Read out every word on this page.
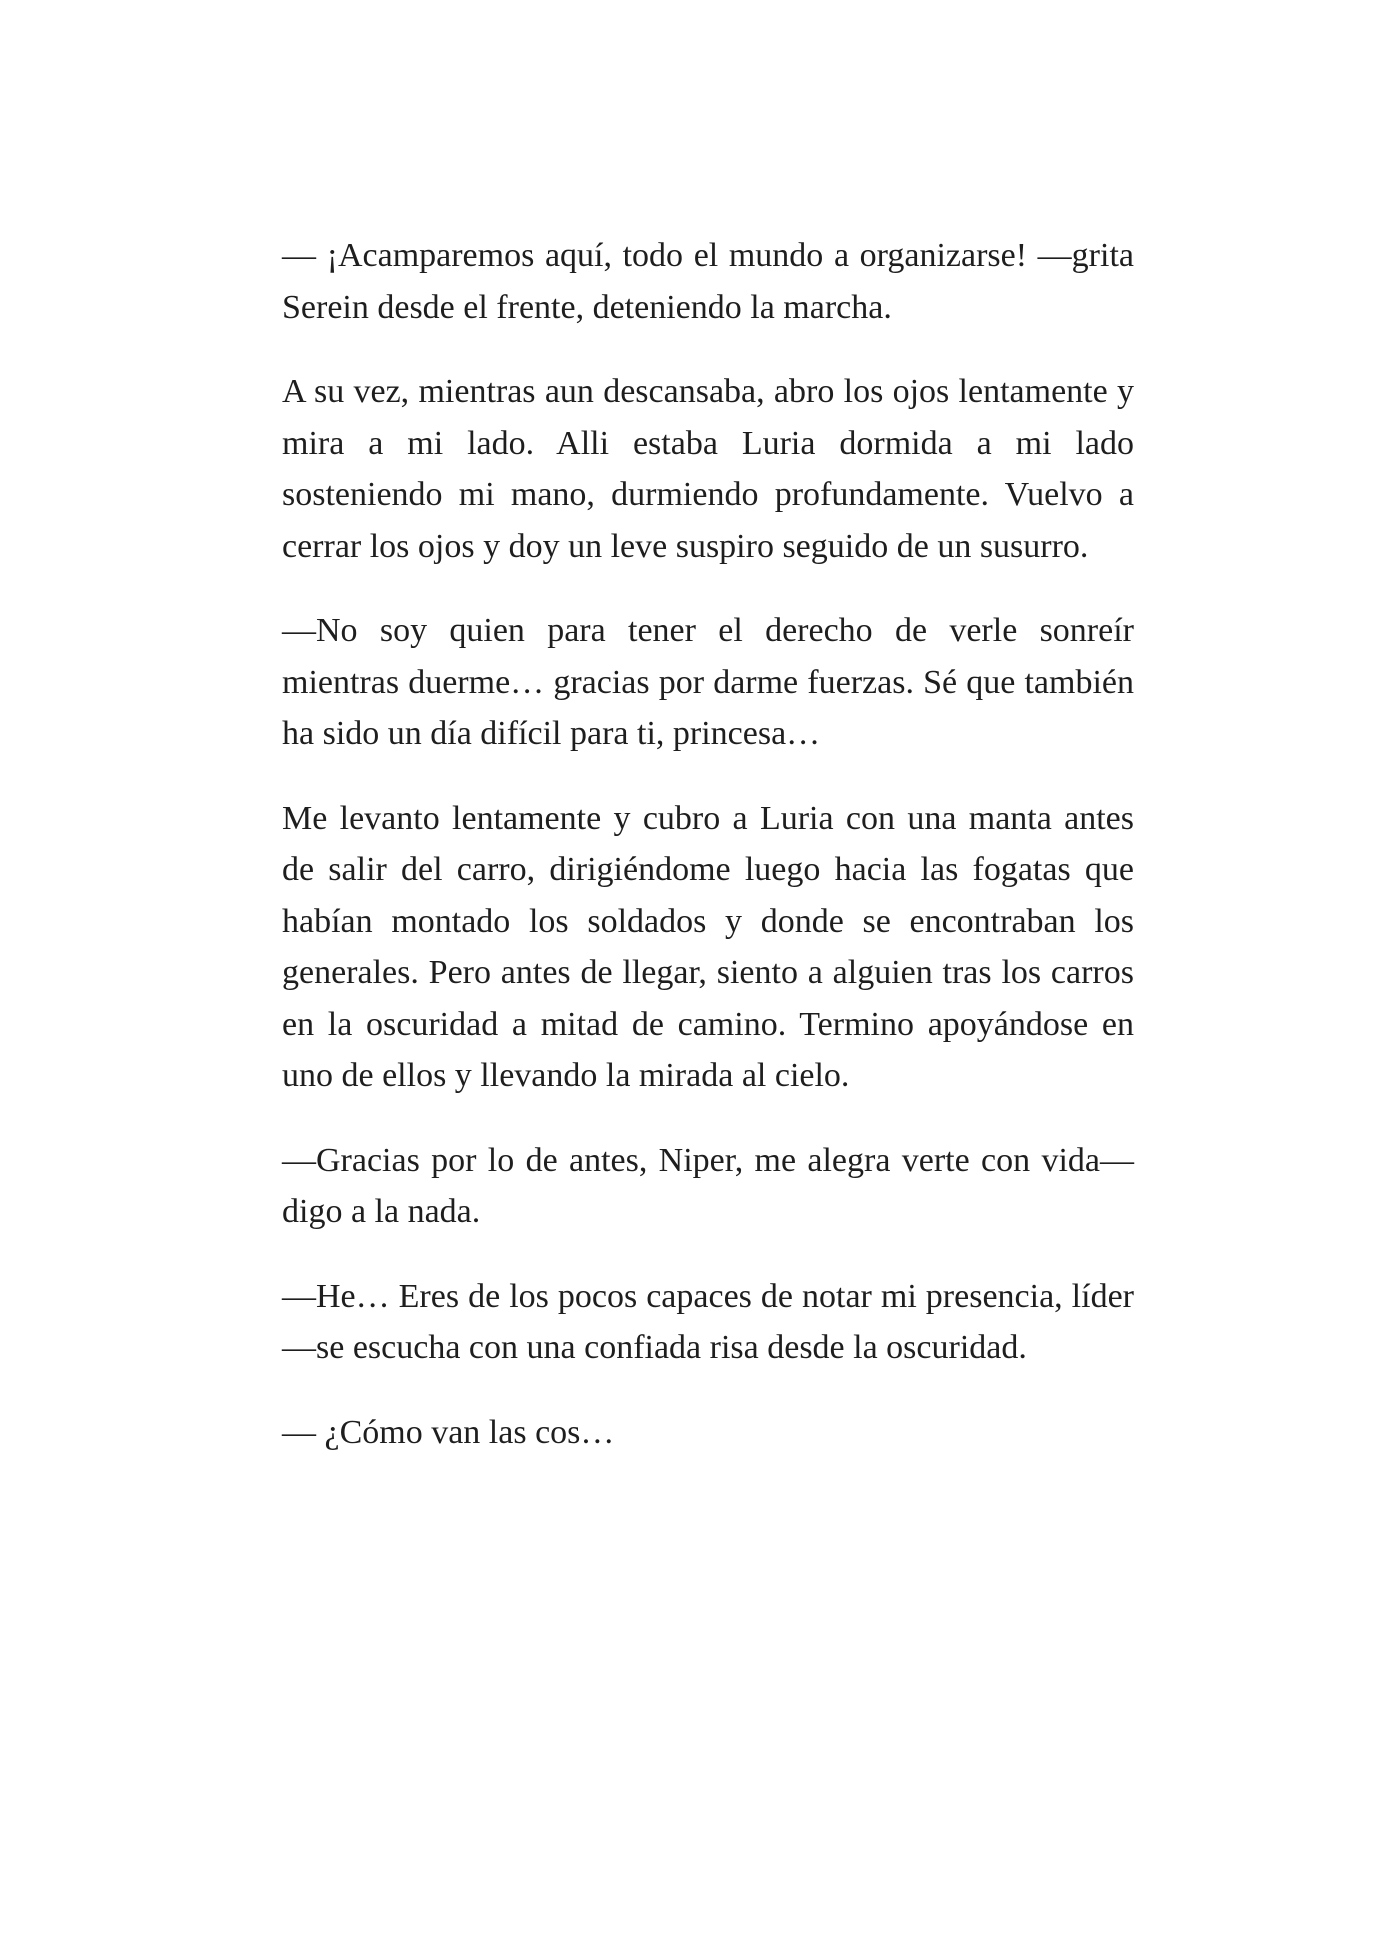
— ¡Acamparemos aquí, todo el mundo a organizarse! —grita Serein desde el frente, deteniendo la marcha.

A su vez, mientras aun descansaba, abro los ojos lentamente y mira a mi lado. Alli estaba Luria dormida a mi lado sosteniendo mi mano, durmiendo profundamente. Vuelvo a cerrar los ojos y doy un leve suspiro seguido de un susurro.

—No soy quien para tener el derecho de verle sonreír mientras duerme… gracias por darme fuerzas. Sé que también ha sido un día difícil para ti, princesa…

Me levanto lentamente y cubro a Luria con una manta antes de salir del carro, dirigiéndome luego hacia las fogatas que habían montado los soldados y donde se encontraban los generales. Pero antes de llegar, siento a alguien tras los carros en la oscuridad a mitad de camino. Termino apoyándose en uno de ellos y llevando la mirada al cielo.

—Gracias por lo de antes, Niper, me alegra verte con vida—digo a la nada.

—He… Eres de los pocos capaces de notar mi presencia, líder—se escucha con una confiada risa desde la oscuridad.

— ¿Cómo van las cos…
